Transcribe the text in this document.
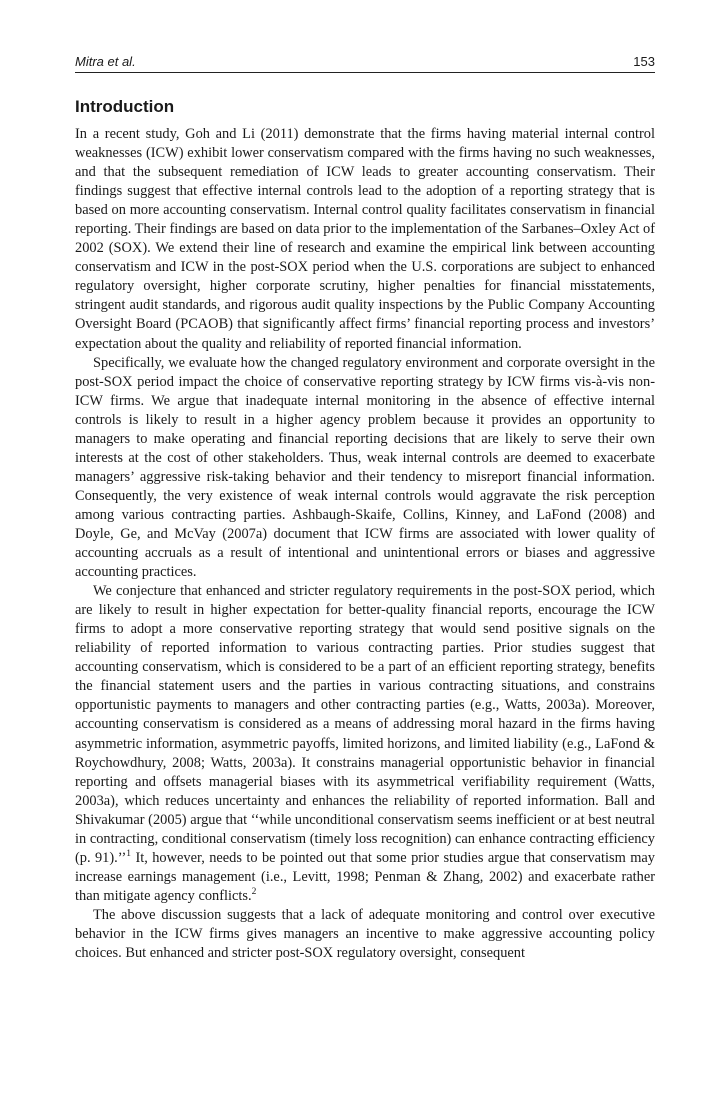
Mitra et al.	153
Introduction

In a recent study, Goh and Li (2011) demonstrate that the firms having material internal control weaknesses (ICW) exhibit lower conservatism compared with the firms having no such weaknesses, and that the subsequent remediation of ICW leads to greater accounting conservatism. Their findings suggest that effective internal controls lead to the adoption of a reporting strategy that is based on more accounting conservatism. Internal control quality facilitates conservatism in financial reporting. Their findings are based on data prior to the implementation of the Sarbanes–Oxley Act of 2002 (SOX). We extend their line of research and examine the empirical link between accounting conservatism and ICW in the post-SOX period when the U.S. corporations are subject to enhanced regulatory oversight, higher corporate scrutiny, higher penalties for financial misstatements, stringent audit standards, and rigorous audit quality inspections by the Public Company Accounting Oversight Board (PCAOB) that significantly affect firms’ financial reporting process and investors’ expectation about the quality and reliability of reported financial information.

Specifically, we evaluate how the changed regulatory environment and corporate oversight in the post-SOX period impact the choice of conservative reporting strategy by ICW firms vis-à-vis non-ICW firms. We argue that inadequate internal monitoring in the absence of effective internal controls is likely to result in a higher agency problem because it provides an opportunity to managers to make operating and financial reporting decisions that are likely to serve their own interests at the cost of other stakeholders. Thus, weak internal controls are deemed to exacerbate managers’ aggressive risk-taking behavior and their tendency to misreport financial information. Consequently, the very existence of weak internal controls would aggravate the risk perception among various contracting parties. Ashbaugh-Skaife, Collins, Kinney, and LaFond (2008) and Doyle, Ge, and McVay (2007a) document that ICW firms are associated with lower quality of accounting accruals as a result of intentional and unintentional errors or biases and aggressive accounting practices.

We conjecture that enhanced and stricter regulatory requirements in the post-SOX period, which are likely to result in higher expectation for better-quality financial reports, encourage the ICW firms to adopt a more conservative reporting strategy that would send positive signals on the reliability of reported information to various contracting parties. Prior studies suggest that accounting conservatism, which is considered to be a part of an efficient reporting strategy, benefits the financial statement users and the parties in various contracting situations, and constrains opportunistic payments to managers and other contracting parties (e.g., Watts, 2003a). Moreover, accounting conservatism is considered as a means of addressing moral hazard in the firms having asymmetric information, asymmetric payoffs, limited horizons, and limited liability (e.g., LaFond & Roychowdhury, 2008; Watts, 2003a). It constrains managerial opportunistic behavior in financial reporting and offsets managerial biases with its asymmetrical verifiability requirement (Watts, 2003a), which reduces uncertainty and enhances the reliability of reported information. Ball and Shivakumar (2005) argue that ‘‘while unconditional conservatism seems inefficient or at best neutral in contracting, conditional conservatism (timely loss recognition) can enhance contracting efficiency (p. 91).’’$^1$ It, however, needs to be pointed out that some prior studies argue that conservatism may increase earnings management (i.e., Levitt, 1998; Penman & Zhang, 2002) and exacerbate rather than mitigate agency conflicts.$^2$

The above discussion suggests that a lack of adequate monitoring and control over executive behavior in the ICW firms gives managers an incentive to make aggressive accounting policy choices. But enhanced and stricter post-SOX regulatory oversight, consequent
